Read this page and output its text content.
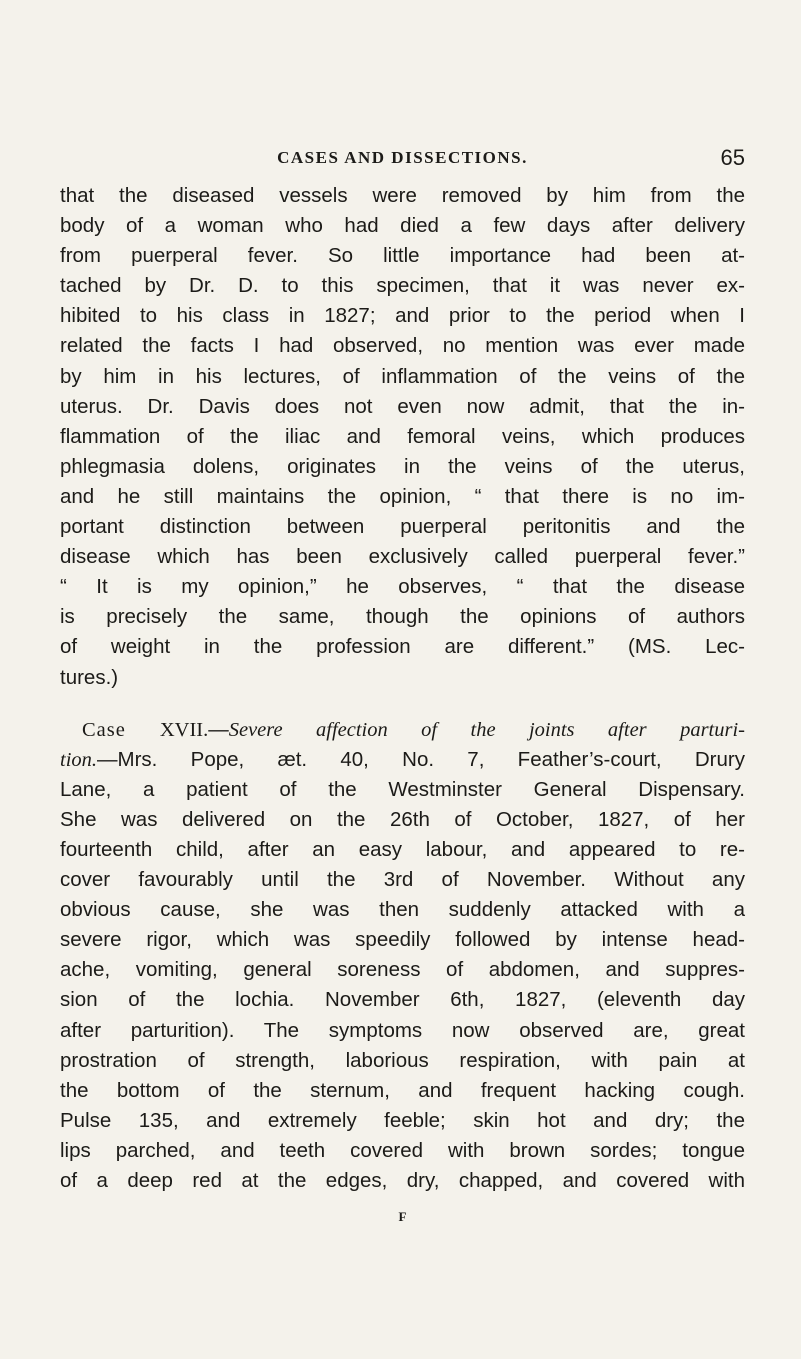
CASES AND DISSECTIONS.	65
that the diseased vessels were removed by him from the
body of a woman who had died a few days after delivery
from puerperal fever. So little importance had been at-
tached by Dr. D. to this specimen, that it was never ex-
hibited to his class in 1827; and prior to the period when I
related the facts I had observed, no mention was ever made
by him in his lectures, of inflammation of the veins of the
uterus. Dr. Davis does not even now admit, that the in-
flammation of the iliac and femoral veins, which produces
phlegmasia dolens, originates in the veins of the uterus,
and he still maintains the opinion, “ that there is no im-
portant distinction between puerperal peritonitis and the
disease which has been exclusively called puerperal fever.”
“ It is my opinion,” he observes, “ that the disease
is precisely the same, though the opinions of authors
of weight in the profession are different.” (MS. Lec-
tures.)
Case XVII.—Severe affection of the joints after parturi-
tion.—Mrs. Pope, æt. 40, No. 7, Feather’s-court, Drury
Lane, a patient of the Westminster General Dispensary.
She was delivered on the 26th of October, 1827, of her
fourteenth child, after an easy labour, and appeared to re-
cover favourably until the 3rd of November. Without any
obvious cause, she was then suddenly attacked with a
severe rigor, which was speedily followed by intense head-
ache, vomiting, general soreness of abdomen, and suppres-
sion of the lochia. November 6th, 1827, (eleventh day
after parturition). The symptoms now observed are, great
prostration of strength, laborious respiration, with pain at
the bottom of the sternum, and frequent hacking cough.
Pulse 135, and extremely feeble; skin hot and dry; the
lips parched, and teeth covered with brown sordes; tongue
of a deep red at the edges, dry, chapped, and covered with
F
